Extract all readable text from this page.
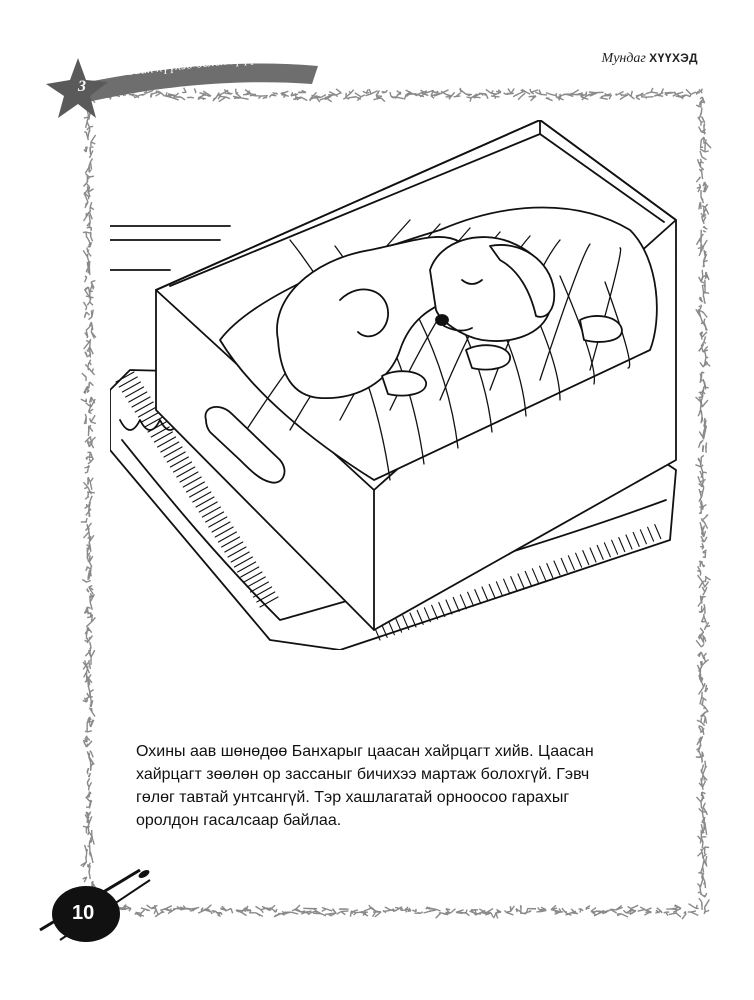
3
“Сайн хүүхэд болох ирүү”	Мундаг ХҮҮХЭД
Охины аав шөнөдөө Банхарыг цаасан хайрцагт хийв. Цаасан
хайрцагт зөөлөн ор зассаныг бичихээ мартаж болохгүй. Гэвч
гөлөг тавтай унтсангүй. Тэр хашлагатай орноосоо гарахыг
оролдон гасалсаар байлаа.
10
